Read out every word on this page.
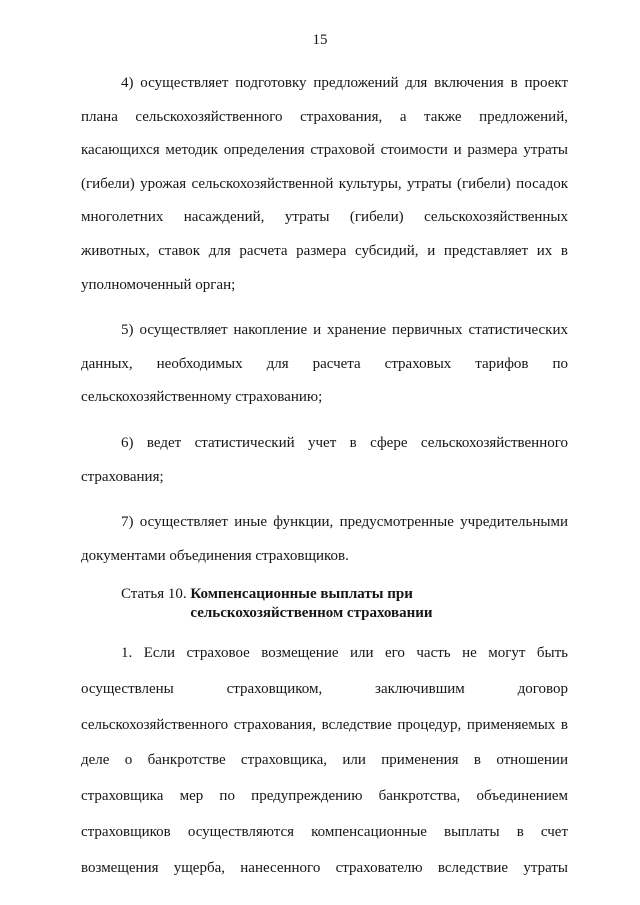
15

4) осуществляет подготовку предложений для включения в проект плана сельскохозяйственного страхования, а также предложений, касающихся методик определения страховой стоимости и размера утраты (гибели) урожая сельскохозяйственной культуры, утраты (гибели) посадок многолетних насаждений, утраты (гибели) сельскохозяйственных животных, ставок для расчета размера субсидий, и представляет их в уполномоченный орган;

5) осуществляет накопление и хранение первичных статистических данных, необходимых для расчета страховых тарифов по сельскохозяйственному страхованию;

6) ведет статистический учет в сфере сельскохозяйственного страхования;

7) осуществляет иные функции, предусмотренные учредительными документами объединения страховщиков.

Статья 10.
Компенсационные выплаты при сельскохозяйственном страховании

1. Если страховое возмещение или его часть не могут быть осуществлены страховщиком, заключившим договор сельскохозяйственного страхования, вследствие процедур, применяемых в деле о банкротстве страховщика, или применения в отношении страховщика мер по предупреждению банкротства, объединением страховщиков осуществляются компенсационные выплаты в счет возмещения ущерба, нанесенного страхователю вследствие утраты
